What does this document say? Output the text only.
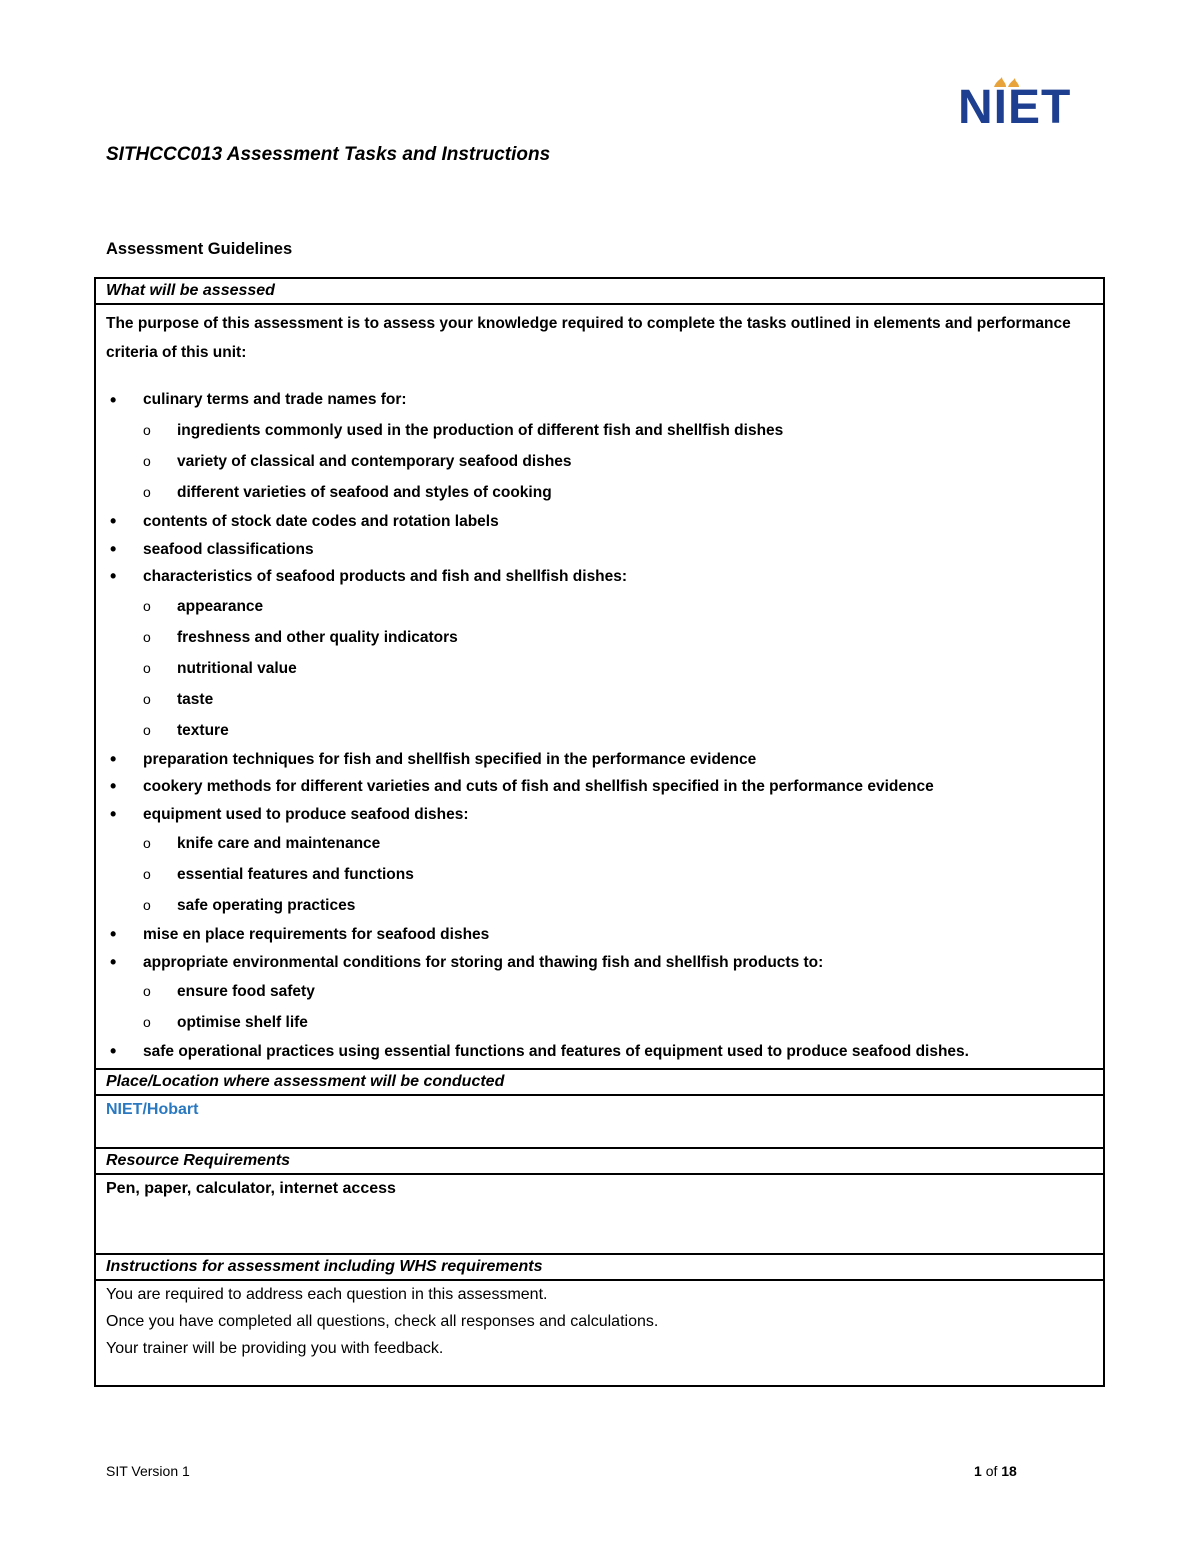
NIET
SITHCCC013 Assessment Tasks and Instructions
Assessment Guidelines
What will be assessed

The purpose of this assessment is to assess your knowledge required to complete the tasks outlined in elements and performance criteria of this unit:

• culinary terms and trade names for:
o ingredients commonly used in the production of different fish and shellfish dishes
o variety of classical and contemporary seafood dishes
o different varieties of seafood and styles of cooking
• contents of stock date codes and rotation labels
• seafood classifications
• characteristics of seafood products and fish and shellfish dishes:
o appearance
o freshness and other quality indicators
o nutritional value
o taste
o texture
• preparation techniques for fish and shellfish specified in the performance evidence
• cookery methods for different varieties and cuts of fish and shellfish specified in the performance evidence
• equipment used to produce seafood dishes:
o knife care and maintenance
o essential features and functions
o safe operating practices
• mise en place requirements for seafood dishes
• appropriate environmental conditions for storing and thawing fish and shellfish products to:
o ensure food safety
o optimise shelf life
• safe operational practices using essential functions and features of equipment used to produce seafood dishes.

Place/Location where assessment will be conducted
NIET/Hobart
Resource Requirements
Pen, paper, calculator, internet access
Instructions for assessment including WHS requirements

You are required to address each question in this assessment.
Once you have completed all questions, check all responses and calculations.
Your trainer will be providing you with feedback.
SIT Version 1	1 of 18
